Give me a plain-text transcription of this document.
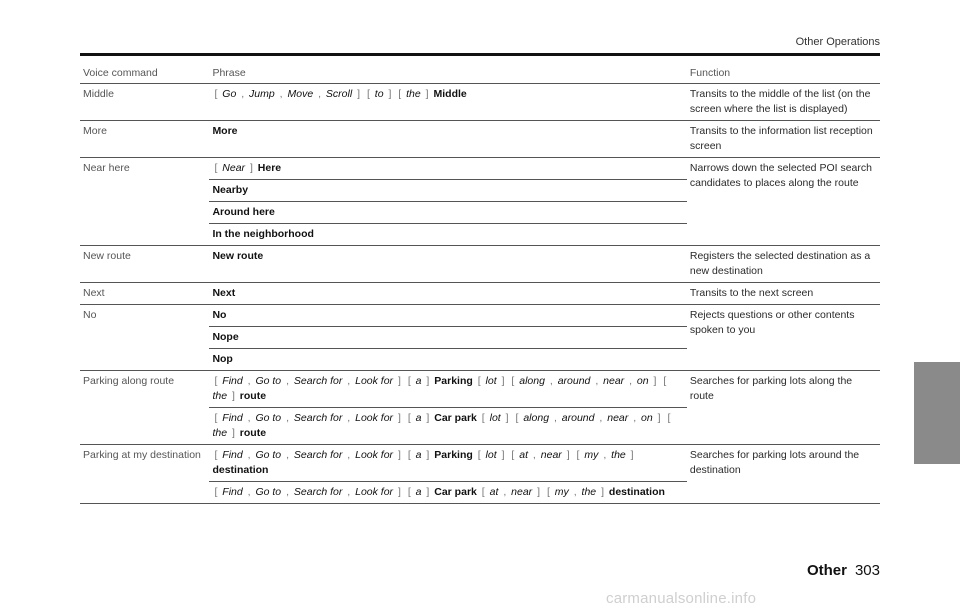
Other Operations
Voice command	Phrase	Function
Middle	[ Go , Jump , Move , Scroll ] [ to ] [ the ] Middle	Transits to the middle of the list (on the screen where the list is displayed)
More	More	Transits to the information list reception screen
Near here	[ Near ] Here	Narrows down the selected POI search candidates to places along the route
	Nearby	
	Around here	
	In the neighborhood	
New route	New route	Registers the selected destination as a new destination
Next	Next	Transits to the next screen
No	No	Rejects questions or other contents spoken to you
	Nope	
	Nop	
Parking along route	[ Find , Go to , Search for , Look for ] [ a ] Parking [ lot ] [ along , around , near , on ] [ the ] route	Searches for parking lots along the route
	[ Find , Go to , Search for , Look for ] [ a ] Car park [ lot ] [ along , around , near , on ] [ the ] route	
Parking at my destination	[ Find , Go to , Search for , Look for ] [ a ] Parking [ lot ] [ at , near ] [ my , the ] destination	Searches for parking lots around the destination
	[ Find , Go to , Search for , Look for ] [ a ] Car park [ at , near ] [ my , the ] destination	
Other 303
carmanualsonline.info
